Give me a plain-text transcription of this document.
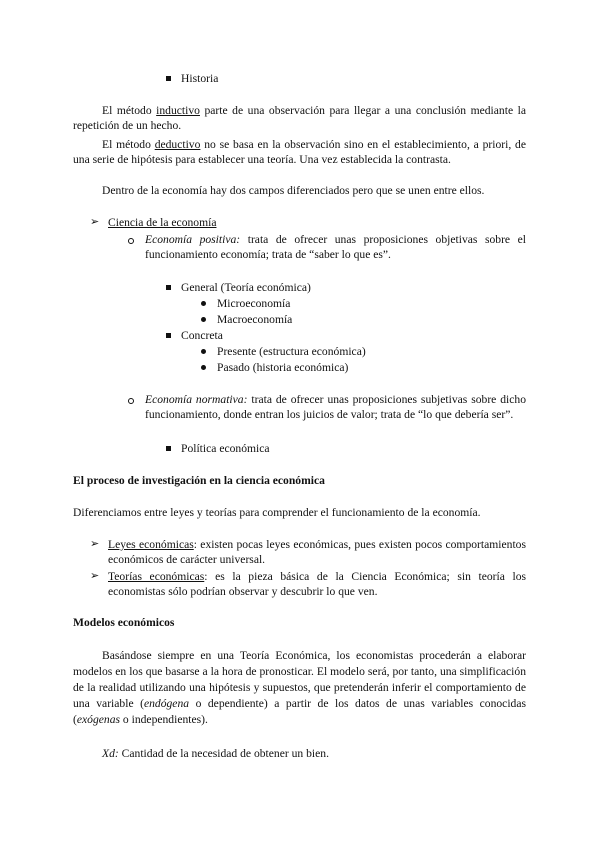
Historia
El método inductivo parte de una observación para llegar a una conclusión mediante la repetición de un hecho.
El método deductivo no se basa en la observación sino en el establecimiento, a priori, de una serie de hipótesis para establecer una teoría. Una vez establecida la contrasta.
Dentro de la economía hay dos campos diferenciados pero que se unen entre ellos.
➢ Ciencia de la economía
Economía positiva: trata de ofrecer unas proposiciones objetivas sobre el funcionamiento economía; trata de “saber lo que es”.
General (Teoría económica)
Microeconomía
Macroeconomía
Concreta
Presente (estructura económica)
Pasado (historia económica)
Economía normativa: trata de ofrecer unas proposiciones subjetivas sobre dicho funcionamiento, donde entran los juicios de valor; trata de “lo que debería ser”.
Política económica
El proceso de investigación en la ciencia económica
Diferenciamos entre leyes y teorías para comprender el funcionamiento de la economía.
➢ Leyes económicas: existen pocas leyes económicas, pues existen pocos comportamientos económicos de carácter universal.
➢ Teorías económicas: es la pieza básica de la Ciencia Económica; sin teoría los economistas sólo podrían observar y descubrir lo que ven.
Modelos económicos
Basándose siempre en una Teoría Económica, los economistas procederán a elaborar modelos en los que basarse a la hora de pronosticar. El modelo será, por tanto, una simplificación de la realidad utilizando una hipótesis y supuestos, que pretenderán inferir el comportamiento de una variable (endógena o dependiente) a partir de los datos de unas variables conocidas (exógenas o independientes).
Xd: Cantidad de la necesidad de obtener un bien.
